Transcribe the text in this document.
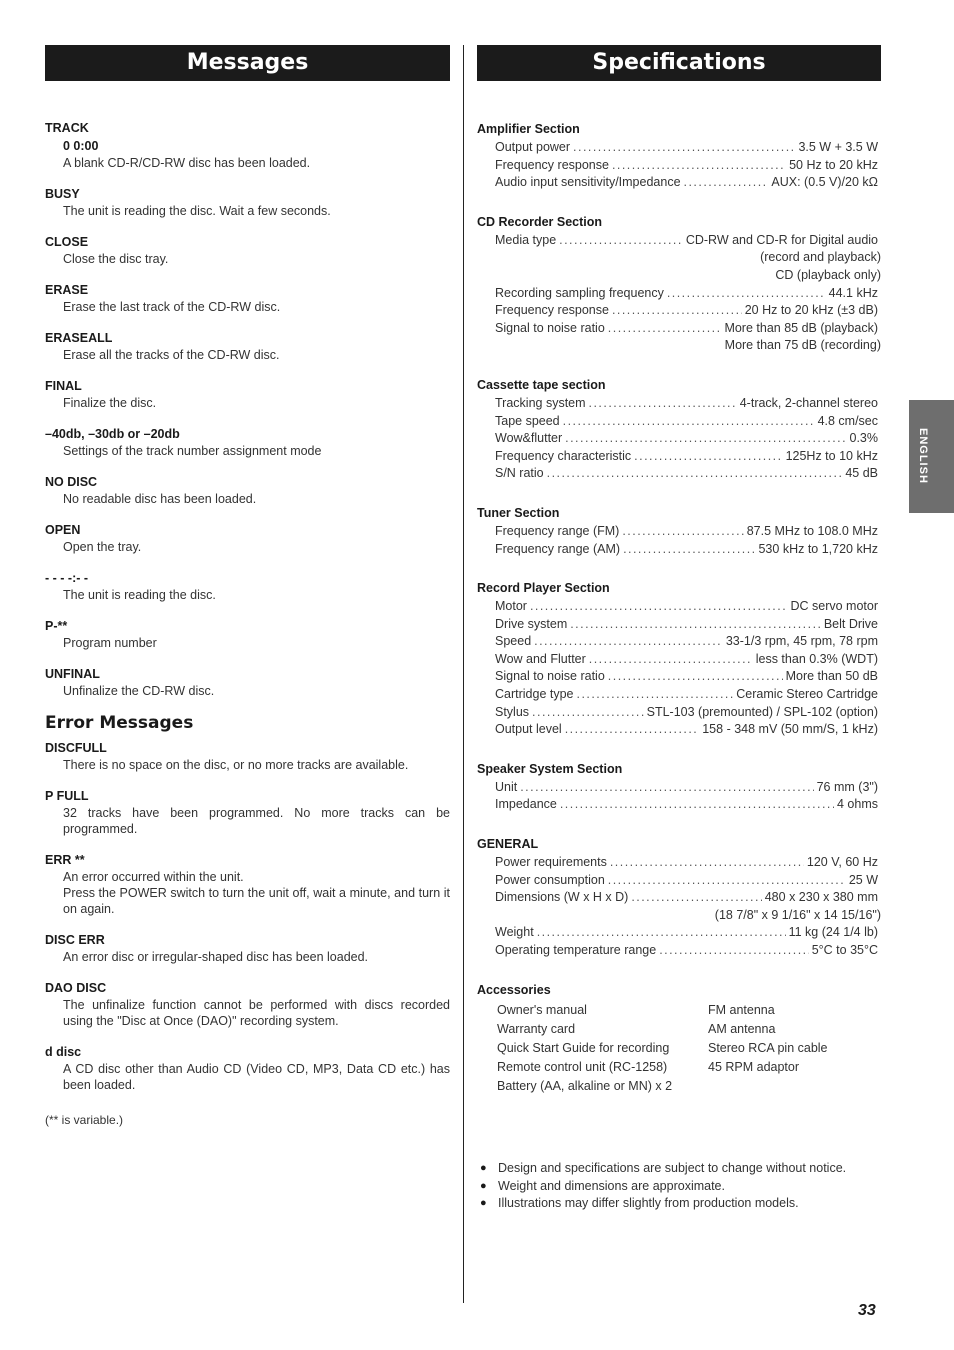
Messages
TRACK
0 0:00
A blank CD-R/CD-RW disc has been loaded.
BUSY
The unit is reading the disc. Wait a few seconds.
CLOSE
Close the disc tray.
ERASE
Erase the last track of the CD-RW disc.
ERASEALL
Erase all the tracks of the CD-RW disc.
FINAL
Finalize the disc.
–40db, –30db or –20db
Settings of the track number assignment mode
NO DISC
No readable disc has been loaded.
OPEN
Open the tray.
- - - -:- -
The unit is reading the disc.
P-**
Program number
UNFINAL
Unfinalize the CD-RW disc.
Error Messages
DISCFULL
There is no space on the disc, or no more tracks are available.
P FULL
32 tracks have been programmed. No more tracks can be programmed.
ERR **
An error occurred within the unit.
Press the POWER switch to turn the unit off, wait a minute, and turn it on again.
DISC ERR
An error disc or irregular-shaped disc has been loaded.
DAO DISC
The unfinalize function cannot be performed with discs recorded using the "Disc at Once (DAO)" recording system.
d disc
A CD disc other than Audio CD (Video CD, MP3, Data CD etc.) has been loaded.
(** is variable.)
Specifications
Amplifier Section
Output power . . .	3.5 W + 3.5 W
Frequency response . . .	50 Hz to 20 kHz
Audio input sensitivity/Impedance . . .	AUX: (0.5 V)/20 kΩ
CD Recorder Section
Media type . . .	CD-RW and CD-R for Digital audio
(record and playback)
CD (playback only)
Recording sampling frequency . . .	44.1 kHz
Frequency response . . .	20 Hz to 20 kHz (±3 dB)
Signal to noise ratio . . .	More than 85 dB (playback)
More than 75 dB (recording)
Cassette tape section
Tracking system . . .	4-track, 2-channel stereo
Tape speed . . .	4.8 cm/sec
Wow&flutter . . .	0.3%
Frequency characteristic . . .	125Hz to 10 kHz
S/N ratio . . .	45 dB
Tuner Section
Frequency range (FM) . . .	87.5 MHz to 108.0 MHz
Frequency range (AM) . . .	530 kHz to 1,720 kHz
Record Player Section
Motor . . .	DC servo motor
Drive system . . .	Belt Drive
Speed . . .	33-1/3 rpm, 45 rpm, 78 rpm
Wow and Flutter . . .	less than 0.3% (WDT)
Signal to noise ratio . . .	More than 50 dB
Cartridge type . . .	Ceramic Stereo Cartridge
Stylus . . .	STL-103 (premounted) / SPL-102 (option)
Output level . . .	158 - 348 mV (50 mm/S, 1 kHz)
Speaker System Section
Unit . . .	76 mm (3")
Impedance . . .	4 ohms
GENERAL
Power requirements . . .	120 V, 60 Hz
Power consumption . . .	25 W
Dimensions (W x H x D) . . .	480 x 230 x 380 mm
(18 7/8" x 9 1/16" x 14 15/16")
Weight . . .	11 kg (24 1/4 lb)
Operating temperature range . . .	5°C to 35°C
Accessories
Owner's manual	FM antenna
Warranty card	AM antenna
Quick Start Guide for recording	Stereo RCA pin cable
Remote control unit (RC-1258)	45 RPM adaptor
Battery (AA, alkaline or MN) x 2
● Design and specifications are subject to change without notice.
● Weight and dimensions are approximate.
● Illustrations may differ slightly from production models.
ENGLISH
33
